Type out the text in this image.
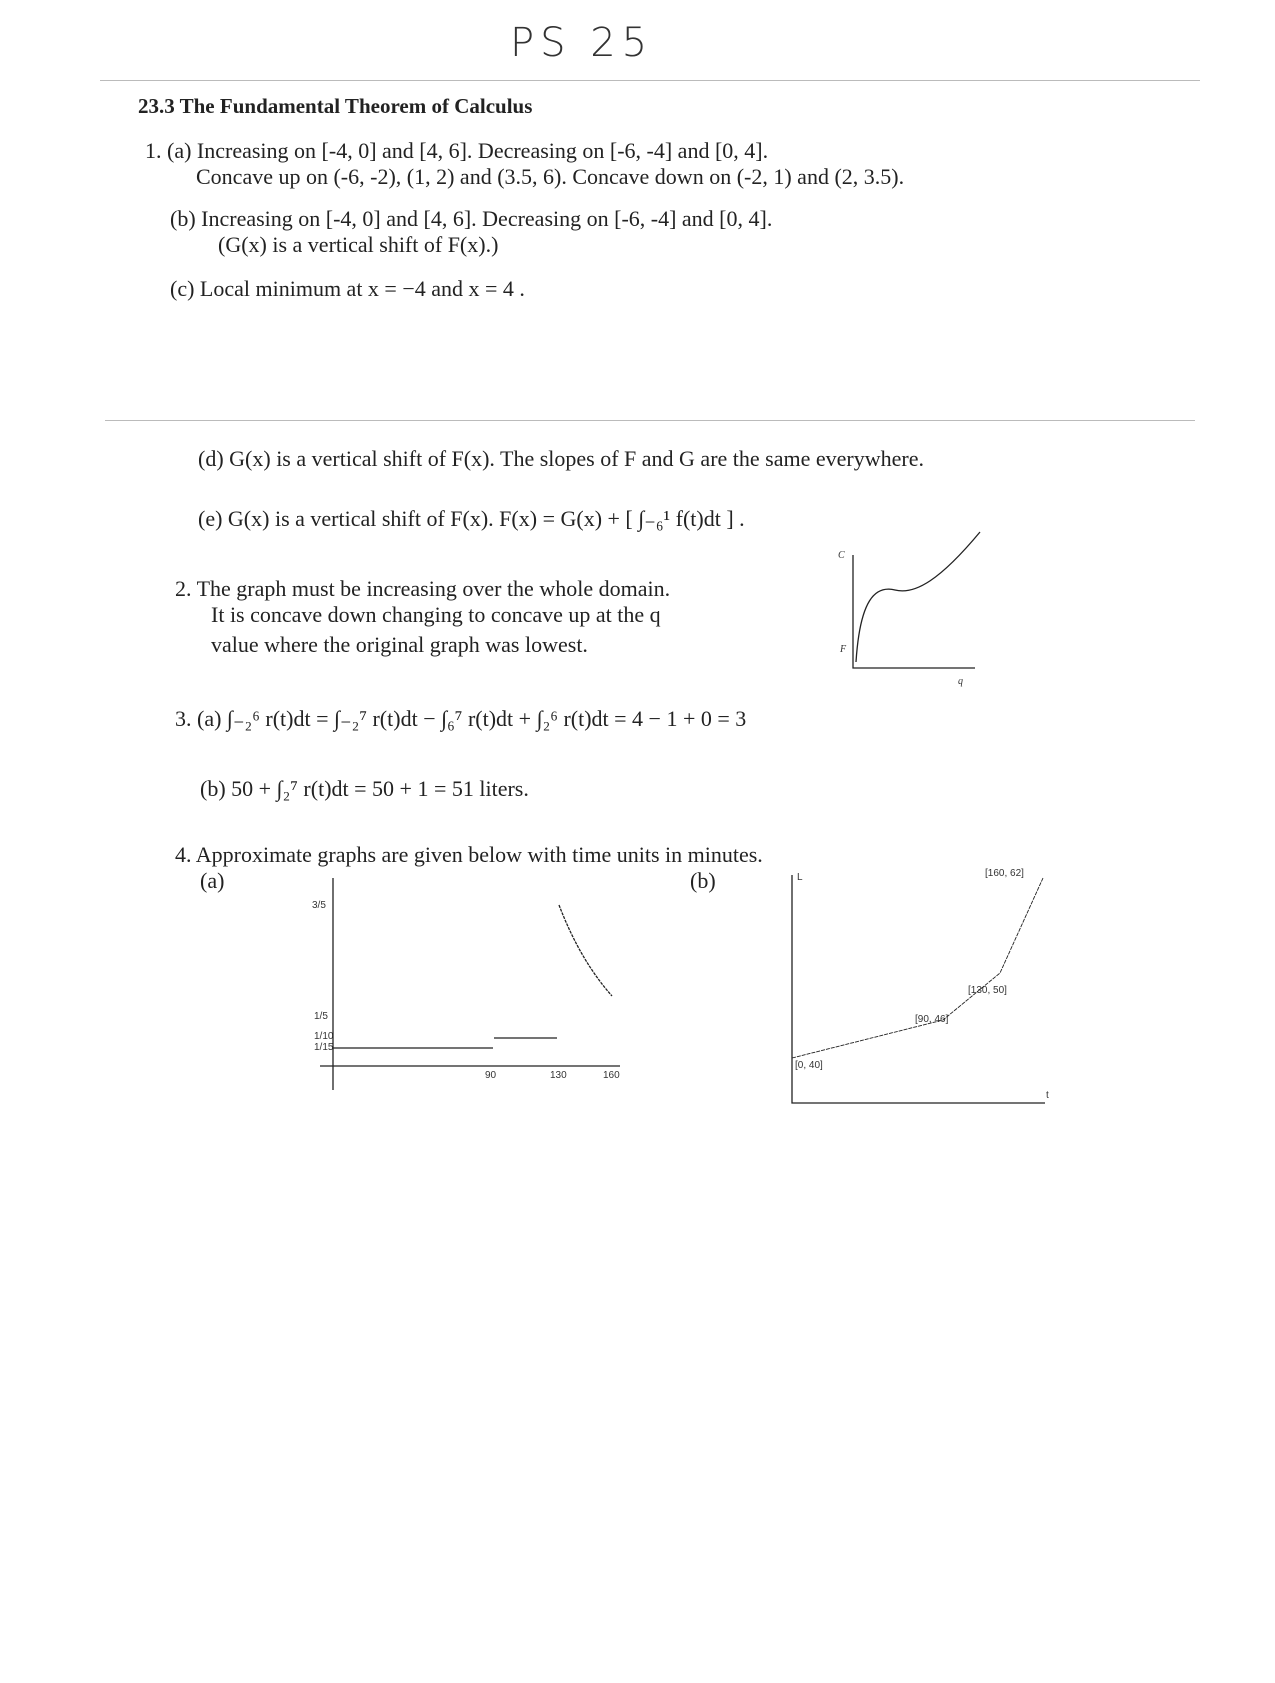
PS 25
23.3 The Fundamental Theorem of Calculus
1. (a) Increasing on [-4, 0] and [4, 6]. Decreasing on [-6, -4] and [0, 4].
Concave up on (-6, -2), (1, 2) and (3.5, 6). Concave down on (-2, 1) and (2, 3.5).
(b) Increasing on [-4, 0] and [4, 6]. Decreasing on [-6, -4] and [0, 4].
(G(x) is a vertical shift of F(x).)
(c) Local minimum at x = −4 and x = 4 .
(d) G(x) is a vertical shift of F(x). The slopes of F and G are the same everywhere.
(e) G(x) is a vertical shift of F(x). F(x) = G(x) + [ ∫₋₆¹ f(t)dt ] .
2. The graph must be increasing over the whole domain.
It is concave down changing to concave up at the q
value where the original graph was lowest.
C
F
q
3. (a) ∫₋₂⁶ r(t)dt = ∫₋₂⁷ r(t)dt − ∫₆⁷ r(t)dt + ∫₂⁶ r(t)dt = 4 − 1 + 0 = 3
(b) 50 + ∫₂⁷ r(t)dt = 50 + 1 = 51 liters.
4. Approximate graphs are given below with time units in minutes.
(a)	(b)
3/5
1/5
1/10
1/15
90	130	160
L
t
[0, 40]
[90, 46]
[130, 50]
[160, 62]
